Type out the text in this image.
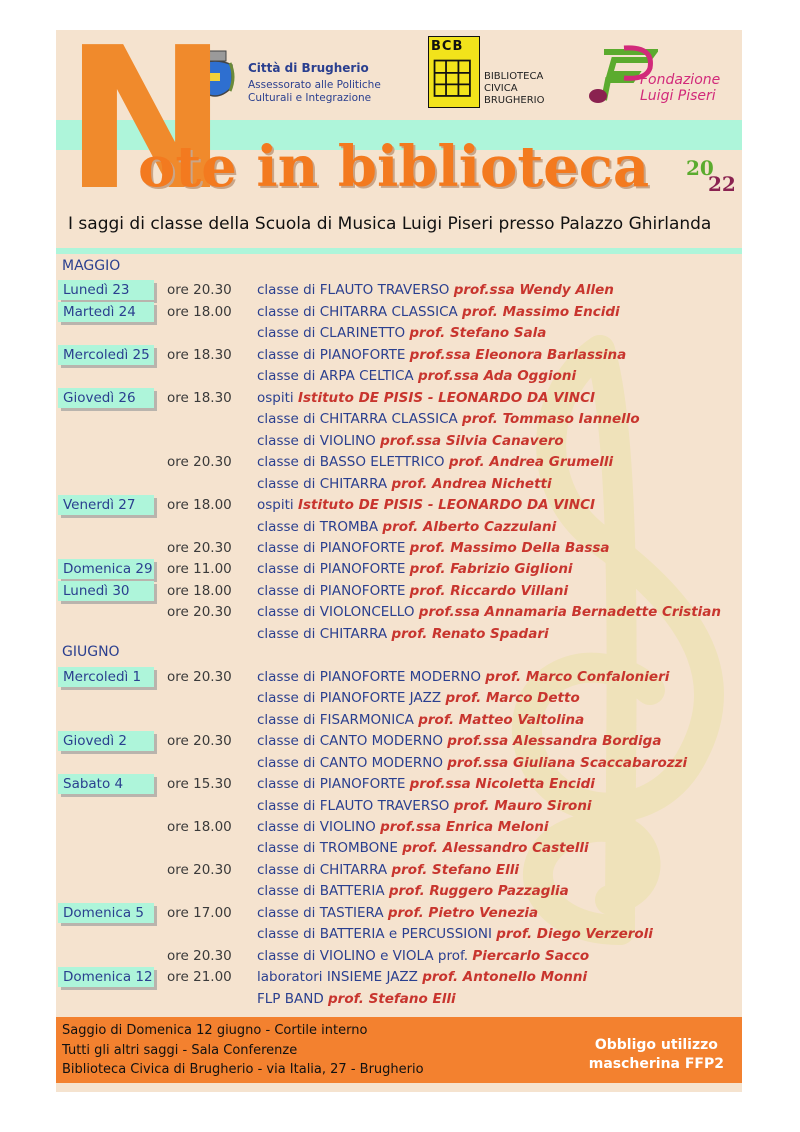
Città di Brugherio
Assessorato alle Politiche
Culturali e Integrazione
BCB
BIBLIOTECA
CIVICA
BRUGHERIO
Fondazione
Luigi Piseri
N
ote in biblioteca 20
22
I saggi di classe della Scuola di Musica Luigi Piseri presso Palazzo Ghirlanda
MAGGIO
Lunedì 23	ore 20.30 classe di FLAUTO TRAVERSO prof.ssa Wendy Allen
Martedì 24	ore 18.00 classe di CHITARRA CLASSICA prof. Massimo Encidi
classe di CLARINETTO prof. Stefano Sala
Mercoledì 25	ore 18.30 classe di PIANOFORTE prof.ssa Eleonora Barlassina
classe di ARPA CELTICA prof.ssa Ada Oggioni
Giovedì 26	ore 18.30 ospiti Istituto DE PISIS - LEONARDO DA VINCI
classe di CHITARRA CLASSICA prof. Tommaso Iannello
classe di VIOLINO prof.ssa Silvia Canavero
ore 20.30 classe di BASSO ELETTRICO prof. Andrea Grumelli
classe di CHITARRA prof. Andrea Nichetti
Venerdì 27	ore 18.00 ospiti Istituto DE PISIS - LEONARDO DA VINCI
classe di TROMBA prof. Alberto Cazzulani
ore 20.30 classe di PIANOFORTE prof. Massimo Della Bassa
Domenica 29 ore 11.00 classe di PIANOFORTE prof. Fabrizio Giglioni
Lunedì 30	ore 18.00 classe di PIANOFORTE prof. Riccardo Villani
ore 20.30 classe di VIOLONCELLO prof.ssa Annamaria Bernadette Cristian
classe di CHITARRA prof. Renato Spadari
GIUGNO
Mercoledì 1	ore 20.30 classe di PIANOFORTE MODERNO prof. Marco Confalonieri
classe di PIANOFORTE JAZZ prof. Marco Detto
classe di FISARMONICA prof. Matteo Valtolina
Giovedì 2	ore 20.30 classe di CANTO MODERNO prof.ssa Alessandra Bordiga
classe di CANTO MODERNO prof.ssa Giuliana Scaccabarozzi
Sabato 4	ore 15.30 classe di PIANOFORTE prof.ssa Nicoletta Encidi
classe di FLAUTO TRAVERSO prof. Mauro Sironi
ore 18.00 classe di VIOLINO prof.ssa Enrica Meloni
classe di TROMBONE prof. Alessandro Castelli
ore 20.30 classe di CHITARRA prof. Stefano Elli
classe di BATTERIA prof. Ruggero Pazzaglia
Domenica 5	ore 17.00 classe di TASTIERA prof. Pietro Venezia
classe di BATTERIA e PERCUSSIONI prof. Diego Verzeroli
ore 20.30 classe di VIOLINO e VIOLA prof. Piercarlo Sacco
Domenica 12 ore 21.00 laboratori INSIEME JAZZ prof. Antonello Monni
FLP BAND prof. Stefano Elli
Saggio di Domenica 12 giugno - Cortile interno
Tutti gli altri saggi - Sala Conferenze
Biblioteca Civica di Brugherio - via Italia, 27 - Brugherio
Obbligo utilizzo
mascherina FFP2
